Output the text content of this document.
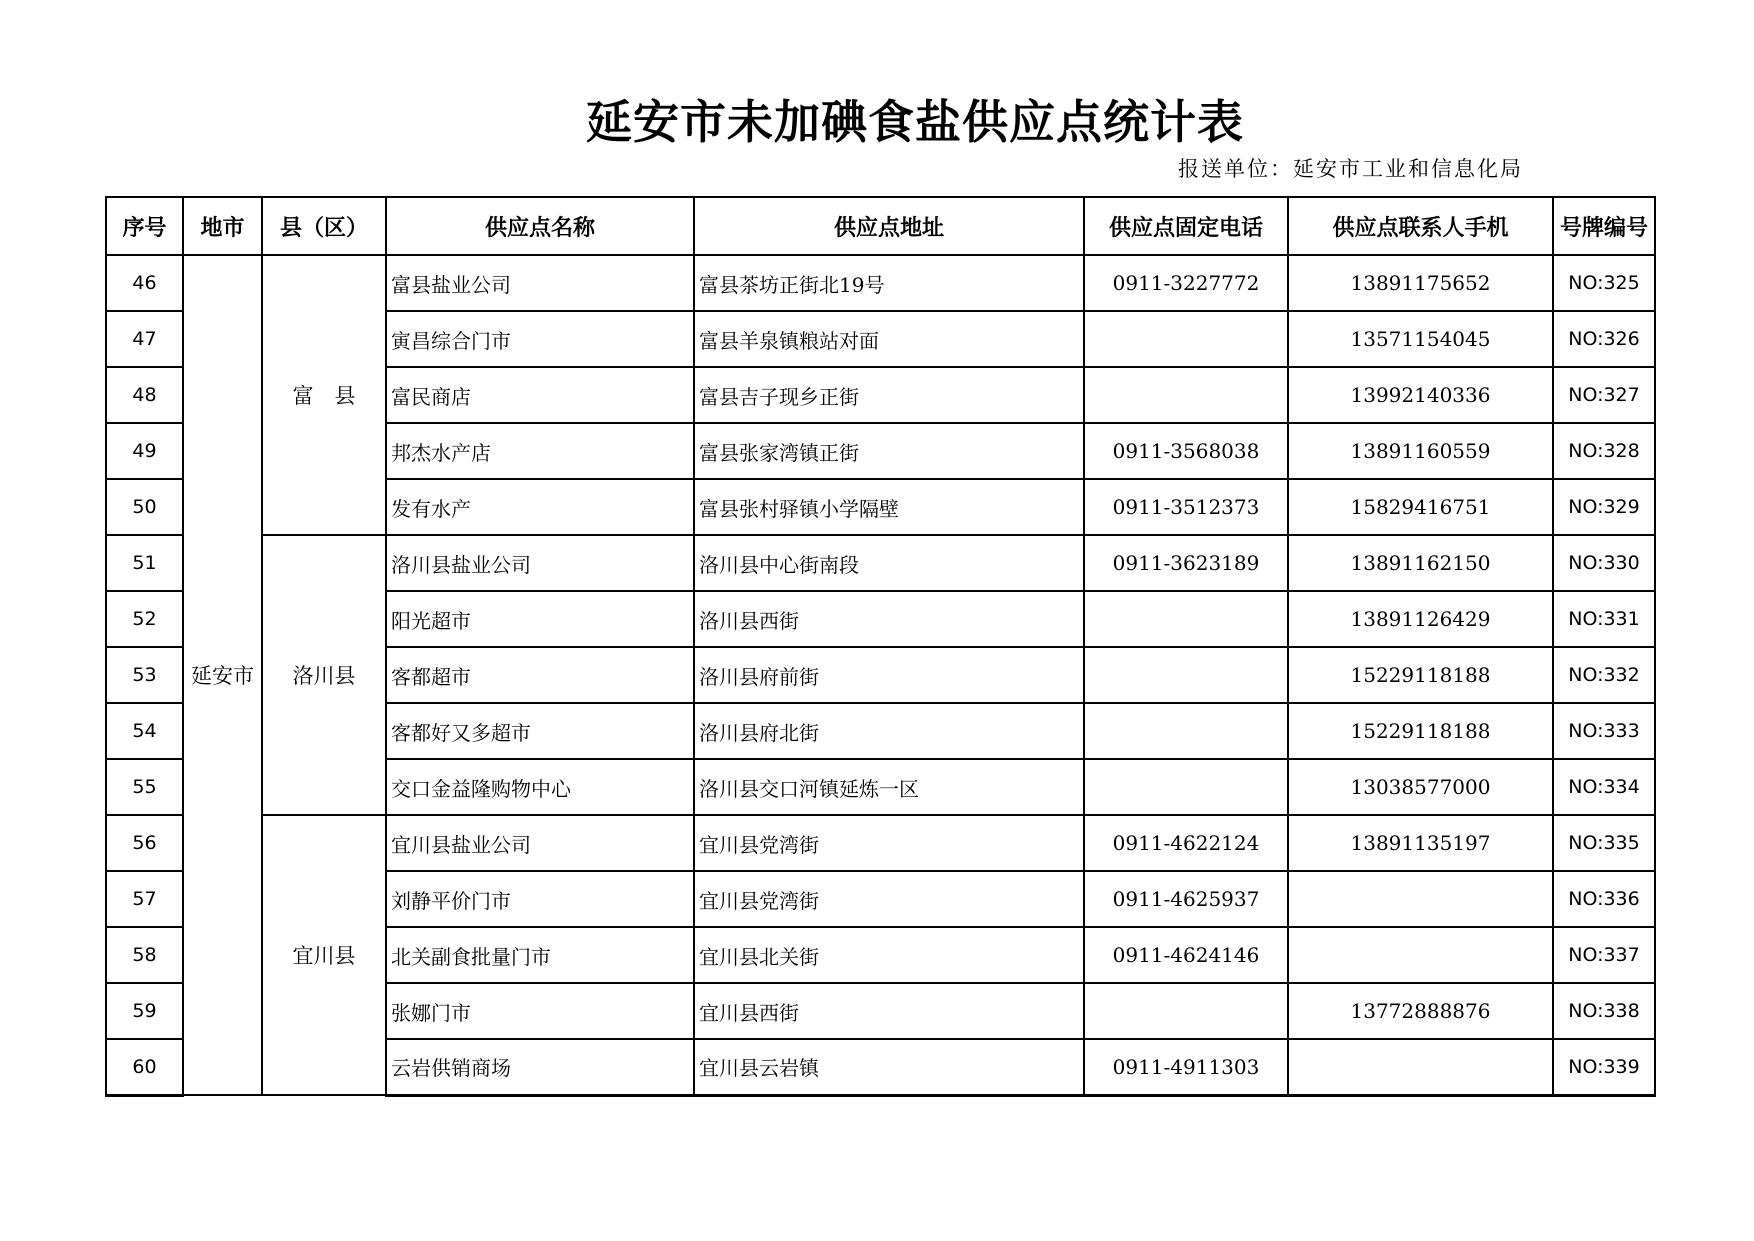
延安市未加碘食盐供应点统计表
报送单位：延安市工业和信息化局
序号	地市	县（区）	供应点名称	供应点地址	供应点固定电话	供应点联系人手机	号牌编号
46	延安市	富　县	富县盐业公司	富县茶坊正街北19号	0911-3227772	13891175652	NO:325
47			寅昌综合门市	富县羊泉镇粮站对面		13571154045	NO:326
48			富民商店	富县吉子现乡正街		13992140336	NO:327
49			邦杰水产店	富县张家湾镇正街	0911-3568038	13891160559	NO:328
50			发有水产	富县张村驿镇小学隔壁	0911-3512373	15829416751	NO:329
51		洛川县	洛川县盐业公司	洛川县中心街南段	0911-3623189	13891162150	NO:330
52			阳光超市	洛川县西街		13891126429	NO:331
53			客都超市	洛川县府前街		15229118188	NO:332
54			客都好又多超市	洛川县府北街		15229118188	NO:333
55			交口金益隆购物中心	洛川县交口河镇延炼一区		13038577000	NO:334
56		宜川县	宜川县盐业公司	宜川县党湾街	0911-4622124	13891135197	NO:335
57			刘静平价门市	宜川县党湾街	0911-4625937		NO:336
58			北关副食批量门市	宜川县北关街	0911-4624146		NO:337
59			张娜门市	宜川县西街		13772888876	NO:338
60			云岩供销商场	宜川县云岩镇	0911-4911303		NO:339
